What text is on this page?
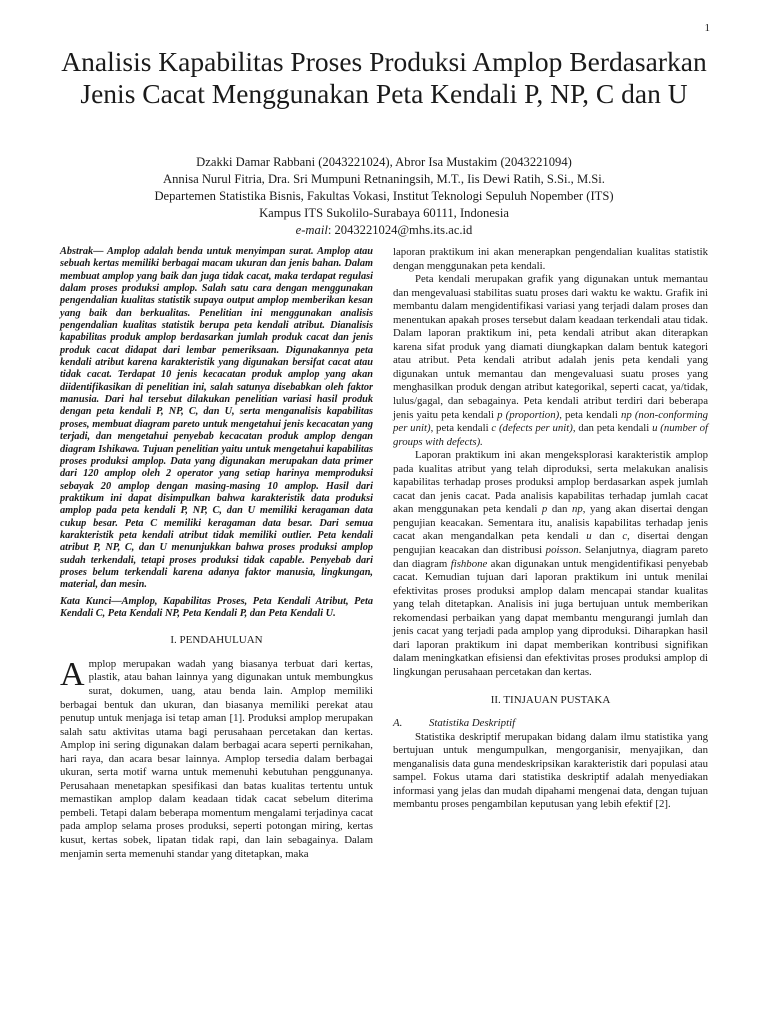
1
Analisis Kapabilitas Proses Produksi Amplop Berdasarkan Jenis Cacat Menggunakan Peta Kendali P, NP, C dan U
Dzakki Damar Rabbani (2043221024), Abror Isa Mustakim (2043221094)
Annisa Nurul Fitria, Dra. Sri Mumpuni Retnaningsih, M.T., Iis Dewi Ratih, S.Si., M.Si.
Departemen Statistika Bisnis, Fakultas Vokasi, Institut Teknologi Sepuluh Nopember (ITS)
Kampus ITS Sukolilo-Surabaya 60111, Indonesia
e-mail: 2043221024@mhs.its.ac.id

Abstrak— Amplop adalah benda untuk menyimpan surat. Amplop atau sebuah kertas memiliki berbagai macam ukuran dan jenis bahan. Dalam membuat amplop yang baik dan juga tidak cacat, maka terdapat regulasi dalam proses produksi amplop. Salah satu cara dengan menggunakan pengendalian kualitas statistik supaya output amplop memberikan kesan yang baik dan berkualitas. Penelitian ini menggunakan analisis pengendalian kualitas statistik berupa peta kendali atribut. Dianalisis kapabilitas produk amplop berdasarkan jumlah produk cacat dan jenis produk cacat didapat dari lembar pemeriksaan. Digunakannya peta kendali atribut karena karakteristik yang digunakan bersifat cacat atau tidak cacat. Terdapat 10 jenis kecacatan produk amplop yang akan diidentifikasikan di penelitian ini, salah satunya disebabkan oleh faktor manusia. Dari hal tersebut dilakukan penelitian variasi hasil produk dengan peta kendali P, NP, C, dan U, serta menganalisis kapabilitas proses, membuat diagram pareto untuk mengetahui jenis kecacatan yang terjadi, dan mengetahui penyebab kecacatan produk amplop dengan diagram Ishikawa. Tujuan penelitian yaitu untuk mengetahui kapabilitas proses produksi amplop. Data yang digunakan merupakan data primer dari 120 amplop oleh 2 operator yang setiap harinya memproduksi sebayak 20 amplop dengan masing-masing 10 amplop. Hasil dari praktikum ini dapat disimpulkan bahwa karakteristik data produksi amplop pada peta kendali P, NP, C, dan U memiliki keragaman data cukup besar. Peta C memiliki keragaman data besar. Dari semua karakteristik peta kendali atribut tidak memiliki outlier. Peta kendali atribut P, NP, C, dan U menunjukkan bahwa proses produksi amplop sudah terkendali, tetapi proses produksi tidak capable. Penyebab dari proses belum terkendali karena adanya faktor manusia, lingkungan, material, dan mesin.

Kata Kunci—Amplop, Kapabilitas Proses, Peta Kendali Atribut, Peta Kendali C, Peta Kendali NP, Peta Kendali P, dan Peta Kendali U.

I. PENDAHULUAN

Amplop merupakan wadah yang biasanya terbuat dari kertas, plastik, atau bahan lainnya yang digunakan untuk membungkus surat, dokumen, uang, atau benda lain. Amplop memiliki berbagai bentuk dan ukuran, dan biasanya memiliki perekat atau penutup untuk menjaga isi tetap aman [1]. Produksi amplop merupakan salah satu aktivitas utama bagi perusahaan percetakan dan kertas. Amplop ini sering digunakan dalam berbagai acara seperti pernikahan, hari raya, dan acara besar lainnya. Amplop tersedia dalam berbagai ukuran, serta motif warna untuk memenuhi kebutuhan penggunanya. Perusahaan menetapkan spesifikasi dan batas kualitas tertentu untuk memastikan amplop dalam keadaan tidak cacat sebelum diterima pembeli. Tetapi dalam beberapa momentum mengalami terjadinya cacat pada amplop selama proses produksi, seperti potongan miring, kertas kusut, kertas sobek, lipatan tidak rapi, dan lain sebagainya. Dalam menjamin serta memenuhi standar yang ditetapkan, maka

laporan praktikum ini akan menerapkan pengendalian kualitas statistik dengan menggunakan peta kendali.

Peta kendali merupakan grafik yang digunakan untuk memantau dan mengevaluasi stabilitas suatu proses dari waktu ke waktu. Grafik ini membantu dalam mengidentifikasi variasi yang terjadi dalam proses dan menentukan apakah proses tersebut dalam keadaan terkendali atau tidak. Dalam laporan praktikum ini, peta kendali atribut akan diterapkan karena sifat produk yang diamati diungkapkan dalam bentuk kategori atau atribut. Peta kendali atribut adalah jenis peta kendali yang digunakan untuk memantau dan mengevaluasi suatu proses yang menghasilkan produk dengan atribut kategorikal, seperti cacat, ya/tidak, lulus/gagal, dan sebagainya. Peta kendali atribut terdiri dari beberapa jenis yaitu peta kendali p (proportion), peta kendali np (non-conforming per unit), peta kendali c (defects per unit), dan peta kendali u (number of groups with defects).

Laporan praktikum ini akan mengeksplorasi karakteristik amplop pada kualitas atribut yang telah diproduksi, serta melakukan analisis kapabilitas terhadap proses produksi amplop berdasarkan aspek jumlah cacat dan jenis cacat. Pada analisis kapabilitas terhadap jumlah cacat akan menggunakan peta kendali p dan np, yang akan disertai dengan pengujian keacakan. Sementara itu, analisis kapabilitas terhadap jenis cacat akan mengandalkan peta kendali u dan c, disertai dengan pengujian keacakan dan distribusi poisson. Selanjutnya, diagram pareto dan diagram fishbone akan digunakan untuk mengidentifikasi penyebab cacat. Kemudian tujuan dari laporan praktikum ini untuk menilai efektivitas proses produksi amplop dalam mencapai standar kualitas yang telah ditetapkan. Analisis ini juga bertujuan untuk memberikan rekomendasi perbaikan yang dapat membantu mengurangi jumlah dan jenis cacat yang terjadi pada amplop yang diproduksi. Diharapkan hasil dari laporan praktikum ini dapat memberikan kontribusi signifikan dalam meningkatkan efisiensi dan efektivitas proses produksi amplop di lingkungan perusahaan percetakan dan kertas.

II. TINJAUAN PUSTAKA

A. Statistika Deskriptif

Statistika deskriptif merupakan bidang dalam ilmu statistika yang bertujuan untuk mengumpulkan, mengorganisir, menyajikan, dan menganalisis data guna mendeskripsikan karakteristik dari populasi atau sampel. Fokus utama dari statistika deskriptif adalah menyediakan informasi yang jelas dan mudah dipahami mengenai data, dengan tujuan membantu proses pengambilan keputusan yang lebih efektif [2].
